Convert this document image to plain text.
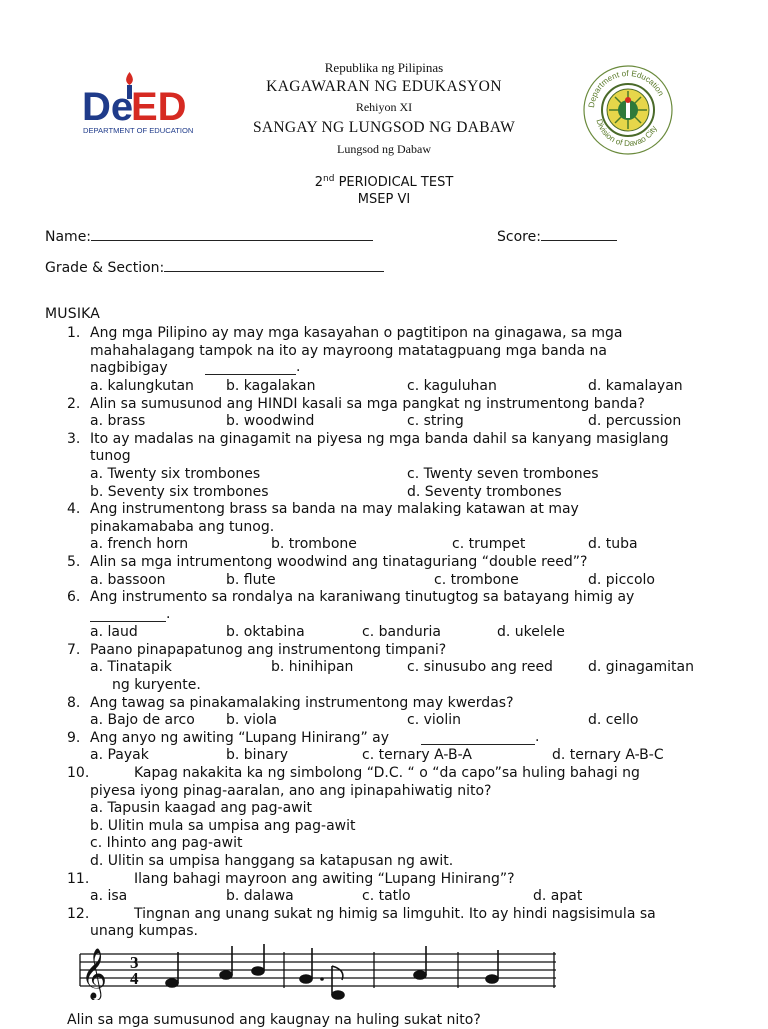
De
ED
DEPARTMENT OF EDUCATION
Department of Education
Division of Davao City
Republika ng Pilipinas
KAGAWARAN NG EDUKASYON
Rehiyon XI
SANGAY NG LUNGSOD NG DABAW
Lungsod ng Dabaw
2nd PERIODICAL TEST
MSEP VI
Name:	Score:
Grade & Section:
MUSIKA
1. Ang mga Pilipino ay may mga kasayahan o pagtitipon na ginagawa, sa mga
mahahalagang tampok na ito ay mayroong matatagpuang mga banda na
nagbibigay
a. kalungkutan b. kagalakan	c. kaguluhan	d. kamalayan
2. Alin sa sumusunod ang HINDI kasali sa mga pangkat ng instrumentong banda?
a. brass	b. woodwind	c. string	d. percussion
3. Ito ay madalas na ginagamit na piyesa ng mga banda dahil sa kanyang masiglang
tunog
a. Twenty six trombones	c. Twenty seven trombones
b. Seventy six trombones	d. Seventy trombones
4. Ang instrumentong brass sa banda na may malaking katawan at may
pinakamababa ang tunog.
a. french horn	b. trombone	c. trumpet	d. tuba
5. Alin sa mga intrumentong woodwind ang tinataguriang “double reed”?
a. bassoon	b. flute	c. trombone	d. piccolo
6. Ang instrumento sa rondalya na karaniwang tinutugtog sa batayang himig ay
a. laud	b. oktabina	c. banduria	d. ukelele
7. Paano pinapapatunog ang instrumentong timpani?
a. Tinatapik	b. hinihipan	c. sinusubo ang reed	d. ginagamitan
ng kuryente.
8. Ang tawag sa pinakamalaking instrumentong may kwerdas?
a. Bajo de arco b. viola	c. violin	d. cello
9. Ang anyo ng awiting “Lupang Hinirang” ay
a. Payak	b. binary	c. ternary A-B-A	d. ternary A-B-C
10.	Kapag nakakita ka ng simbolong “D.C. “ o “da capo”sa huling bahagi ng
piyesa iyong pinag-aaralan, ano ang ipinapahiwatig nito?
a. Tapusin kaagad ang pag-awit
b. Ulitin mula sa umpisa ang pag-awit
c. Ihinto ang pag-awit
d. Ulitin sa umpisa hanggang sa katapusan ng awit.
11.	Ilang bahagi mayroon ang awiting “Lupang Hinirang”?
a. isa	b. dalawa	c. tatlo	d. apat
12.	Tingnan ang unang sukat ng himig sa limguhit. Ito ay hindi nagsisimula sa
unang kumpas.
Alin sa mga sumusunod ang kaugnay na huling sukat nito?
.
.
.
𝄞 3
4
